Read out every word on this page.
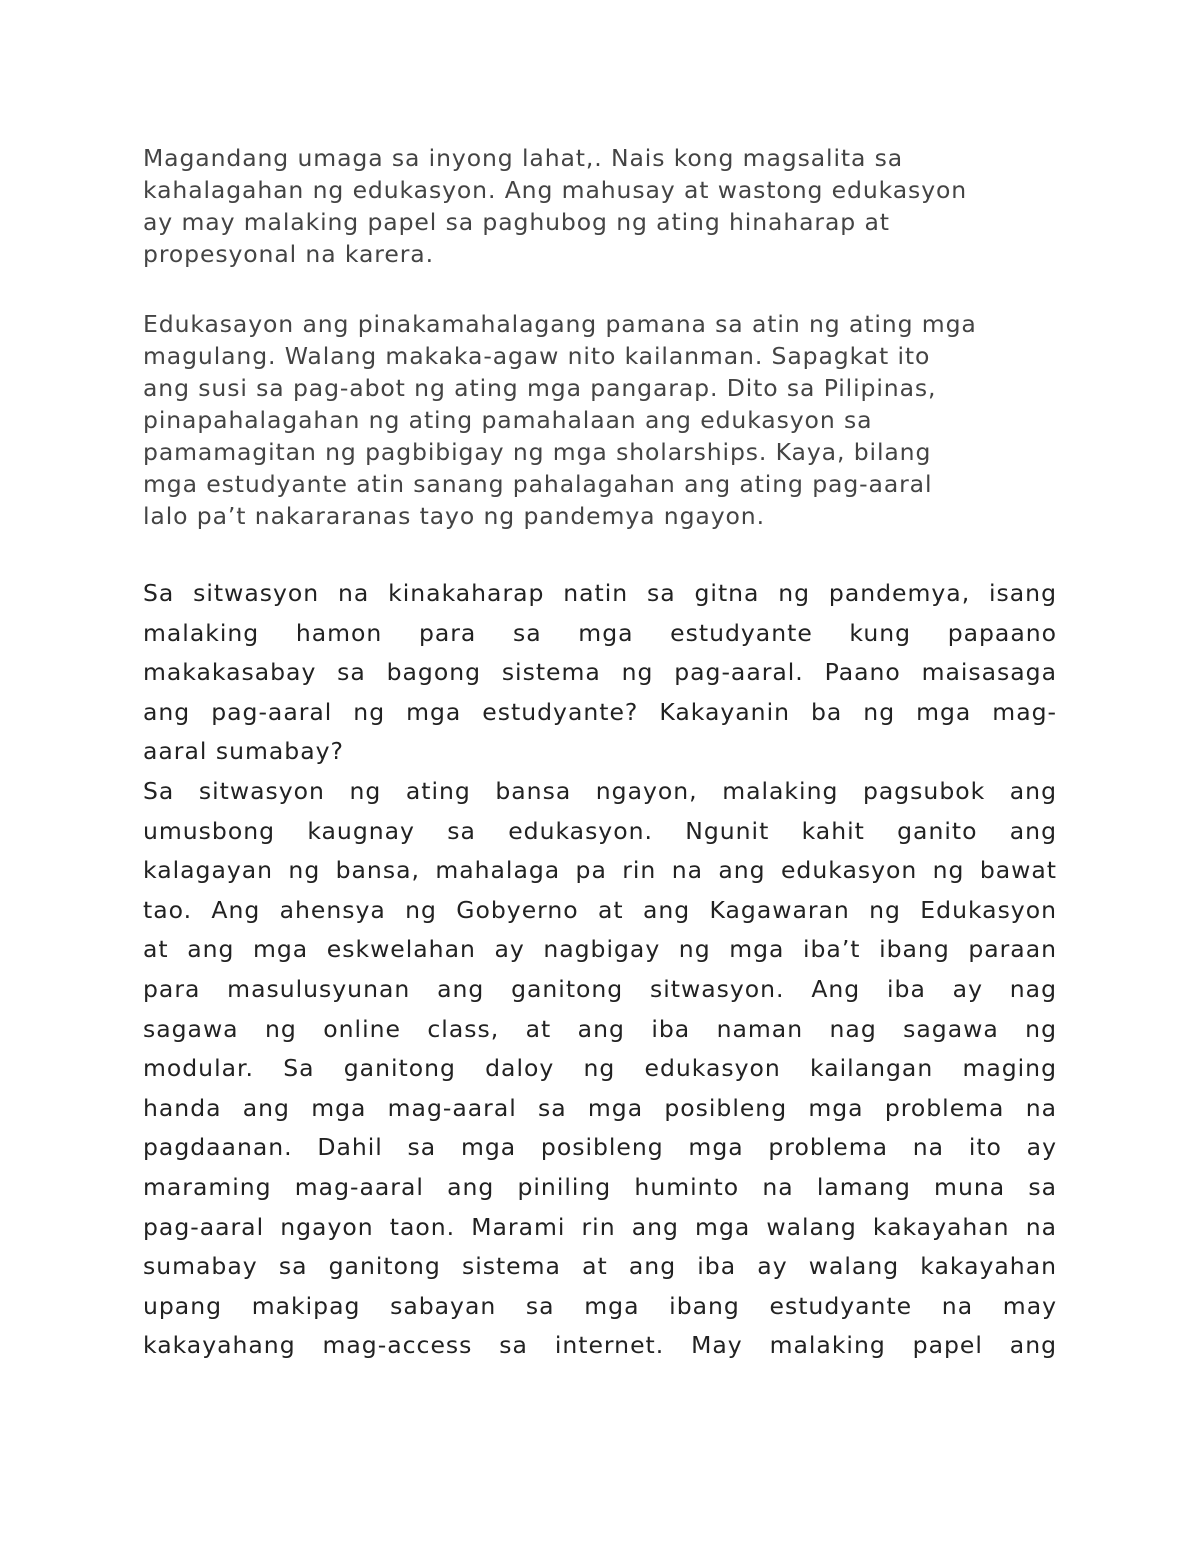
Magandang umaga sa inyong lahat,. Nais kong magsalita sa
kahalagahan ng edukasyon. Ang mahusay at wastong edukasyon
ay may malaking papel sa paghubog ng ating hinaharap at
propesyonal na karera.

Edukasayon ang pinakamahalagang pamana sa atin ng ating mga
magulang. Walang makaka-agaw nito kailanman. Sapagkat ito
ang susi sa pag-abot ng ating mga pangarap. Dito sa Pilipinas,
pinapahalagahan ng ating pamahalaan ang edukasyon sa
pamamagitan ng pagbibigay ng mga sholarships. Kaya, bilang
mga estudyante atin sanang pahalagahan ang ating pag-aaral
lalo pa’t nakararanas tayo ng pandemya ngayon.

Sa sitwasyon na kinakaharap natin sa gitna ng pandemya, isang
malaking hamon para sa mga estudyante kung papaano
makakasabay sa bagong sistema ng pag-aaral. Paano maisasaga
ang pag-aaral ng mga estudyante? Kakayanin ba ng mga mag-
aaral sumabay?

Sa sitwasyon ng ating bansa ngayon, malaking pagsubok ang
umusbong kaugnay sa edukasyon. Ngunit kahit ganito ang
kalagayan ng bansa, mahalaga pa rin na ang edukasyon ng bawat
tao. Ang ahensya ng Gobyerno at ang Kagawaran ng Edukasyon
at ang mga eskwelahan ay nagbigay ng mga iba’t ibang paraan
para masulusyunan ang ganitong sitwasyon. Ang iba ay nag
sagawa ng online class, at ang iba naman nag sagawa ng
modular. Sa ganitong daloy ng edukasyon kailangan maging
handa ang mga mag-aaral sa mga posibleng mga problema na
pagdaanan. Dahil sa mga posibleng mga problema na ito ay
maraming mag-aaral ang piniling huminto na lamang muna sa
pag-aaral ngayon taon. Marami rin ang mga walang kakayahan na
sumabay sa ganitong sistema at ang iba ay walang kakayahan
upang makipag sabayan sa mga ibang estudyante na may
kakayahang mag-access sa internet. May malaking papel ang
